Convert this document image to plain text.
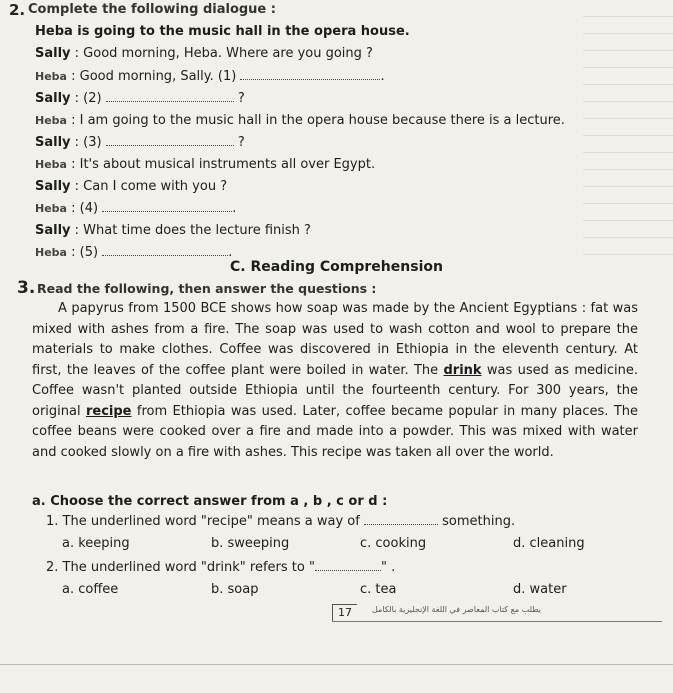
2. Complete the following dialogue :
Heba is going to the music hall in the opera house.
Sally : Good morning, Heba. Where are you going ?
Heba : Good morning, Sally. (1)	.
Sally : (2)	?
Heba : I am going to the music hall in the opera house because there is a lecture.
Sally : (3)	?
Heba : It's about musical instruments all over Egypt.
Sally : Can I come with you ?
Heba : (4)	.
Sally : What time does the lecture finish ?
Heba : (5)	.
C. Reading Comprehension
3. Read the following, then answer the questions :
A papyrus from 1500 BCE shows how soap was made by the Ancient Egyptians : fat was mixed with ashes from a fire. The soap was used to wash cotton and wool to prepare the materials to make clothes. Coffee was discovered in Ethiopia in the eleventh century. At first, the leaves of the coffee plant were boiled in water. The drink was used as medicine. Coffee wasn't planted outside Ethiopia until the fourteenth century. For 300 years, the original recipe from Ethiopia was used. Later, coffee became popular in many places. The coffee beans were cooked over a fire and made into a powder. This was mixed with water and cooked slowly on a fire with ashes. This recipe was taken all over the world.
a. Choose the correct answer from a , b , c or d :
1. The underlined word "recipe" means a way of	something.
a. keeping	b. sweeping	c. cooking	d. cleaning
2. The underlined word "drink" refers to "	" .
a. coffee	b. soap	c. tea	d. water
17	يطلب مع كتاب المعاصر في اللغة الإنجليزية بالكامل
